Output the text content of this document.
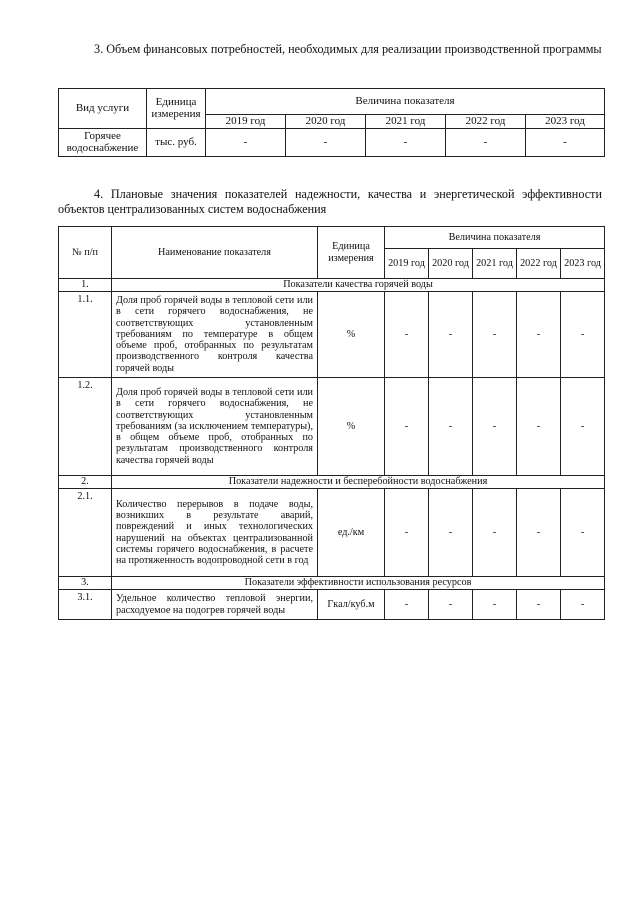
3. Объем финансовых потребностей, необходимых для реализации производственной программы
Вид услуги	Единица измерения	Величина показателя				
		2019 год	2020 год	2021 год	2022 год	2023 год
Горячее водоснабжение	тыс. руб.	-	-	-	-	-
4. Плановые значения показателей надежности, качества и энергетической эффективности объектов централизованных систем водоснабжения
№ п/п	Наименование показателя	Единица измерения	Величина показателя				
			2019 год	2020 год	2021 год	2022 год	2023 год
1.	Показатели качества горячей воды						
1.1.	Доля проб горячей воды в тепловой сети или в сети горячего водоснабжения, не соответствующих установленным требованиям по температуре в общем объеме проб, отобранных по результатам производственного контроля качества горячей воды	%	-	-	-	-	-
1.2.	Доля проб горячей воды в тепловой сети или в сети горячего водоснабжения, не соответствующих установленным требованиям (за исключением температуры), в общем объеме проб, отобранных по результатам производственного контроля качества горячей воды	%	-	-	-	-	-
2.	Показатели надежности и бесперебойности водоснабжения						
2.1.	Количество перерывов в подаче воды, возникших в результате аварий, повреждений и иных технологических нарушений на объектах централизованной системы горячего водоснабжения, в расчете на протяженность водопроводной сети в год	ед./км	-	-	-	-	-
3.	Показатели эффективности использования ресурсов						
3.1.	Удельное количество тепловой энергии, расходуемое на подогрев горячей воды	Гкал/куб.м	-	-	-	-	-
